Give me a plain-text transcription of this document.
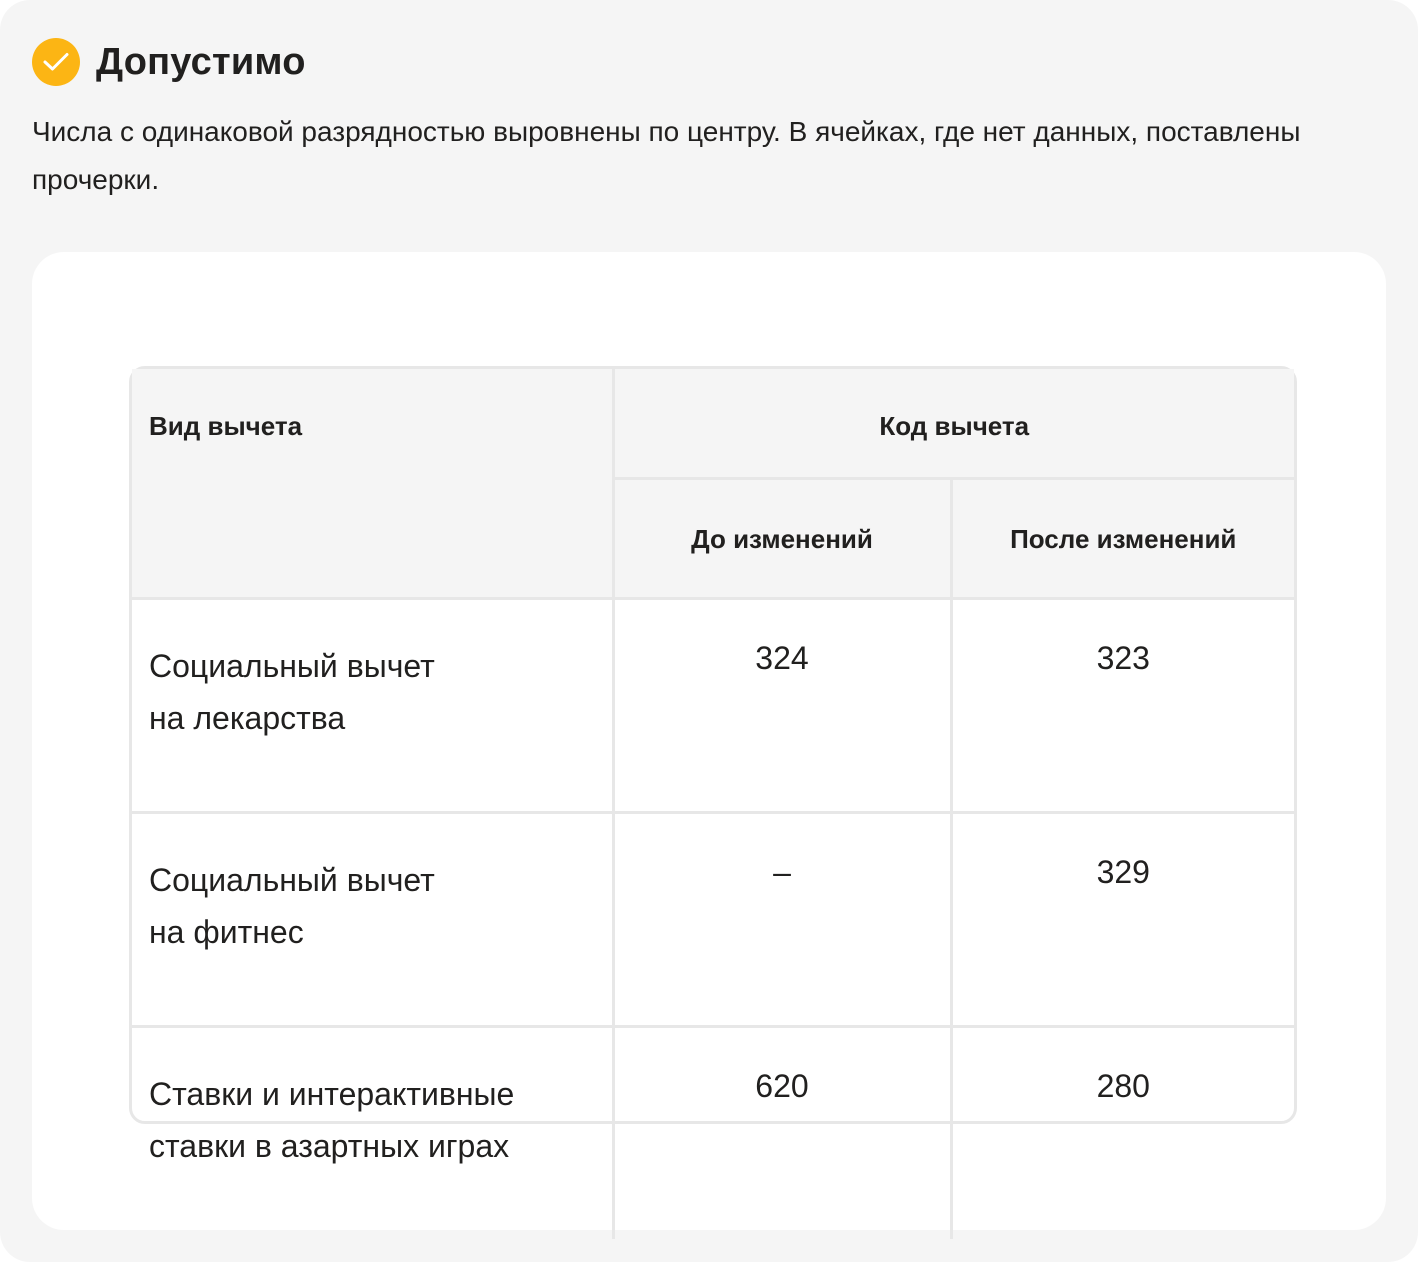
Допустимо
Числа с одинаковой разрядностью выровнены по центру. В ячейках, где нет данных, поставлены прочерки.
Вид вычета	Код вычета	
	До изменений	После изменений
Социальный вычет
на лекарства	324	323
Социальный вычет
на фитнес	–	329
Ставки и интерактивные
ставки в азартных играх	620	280
